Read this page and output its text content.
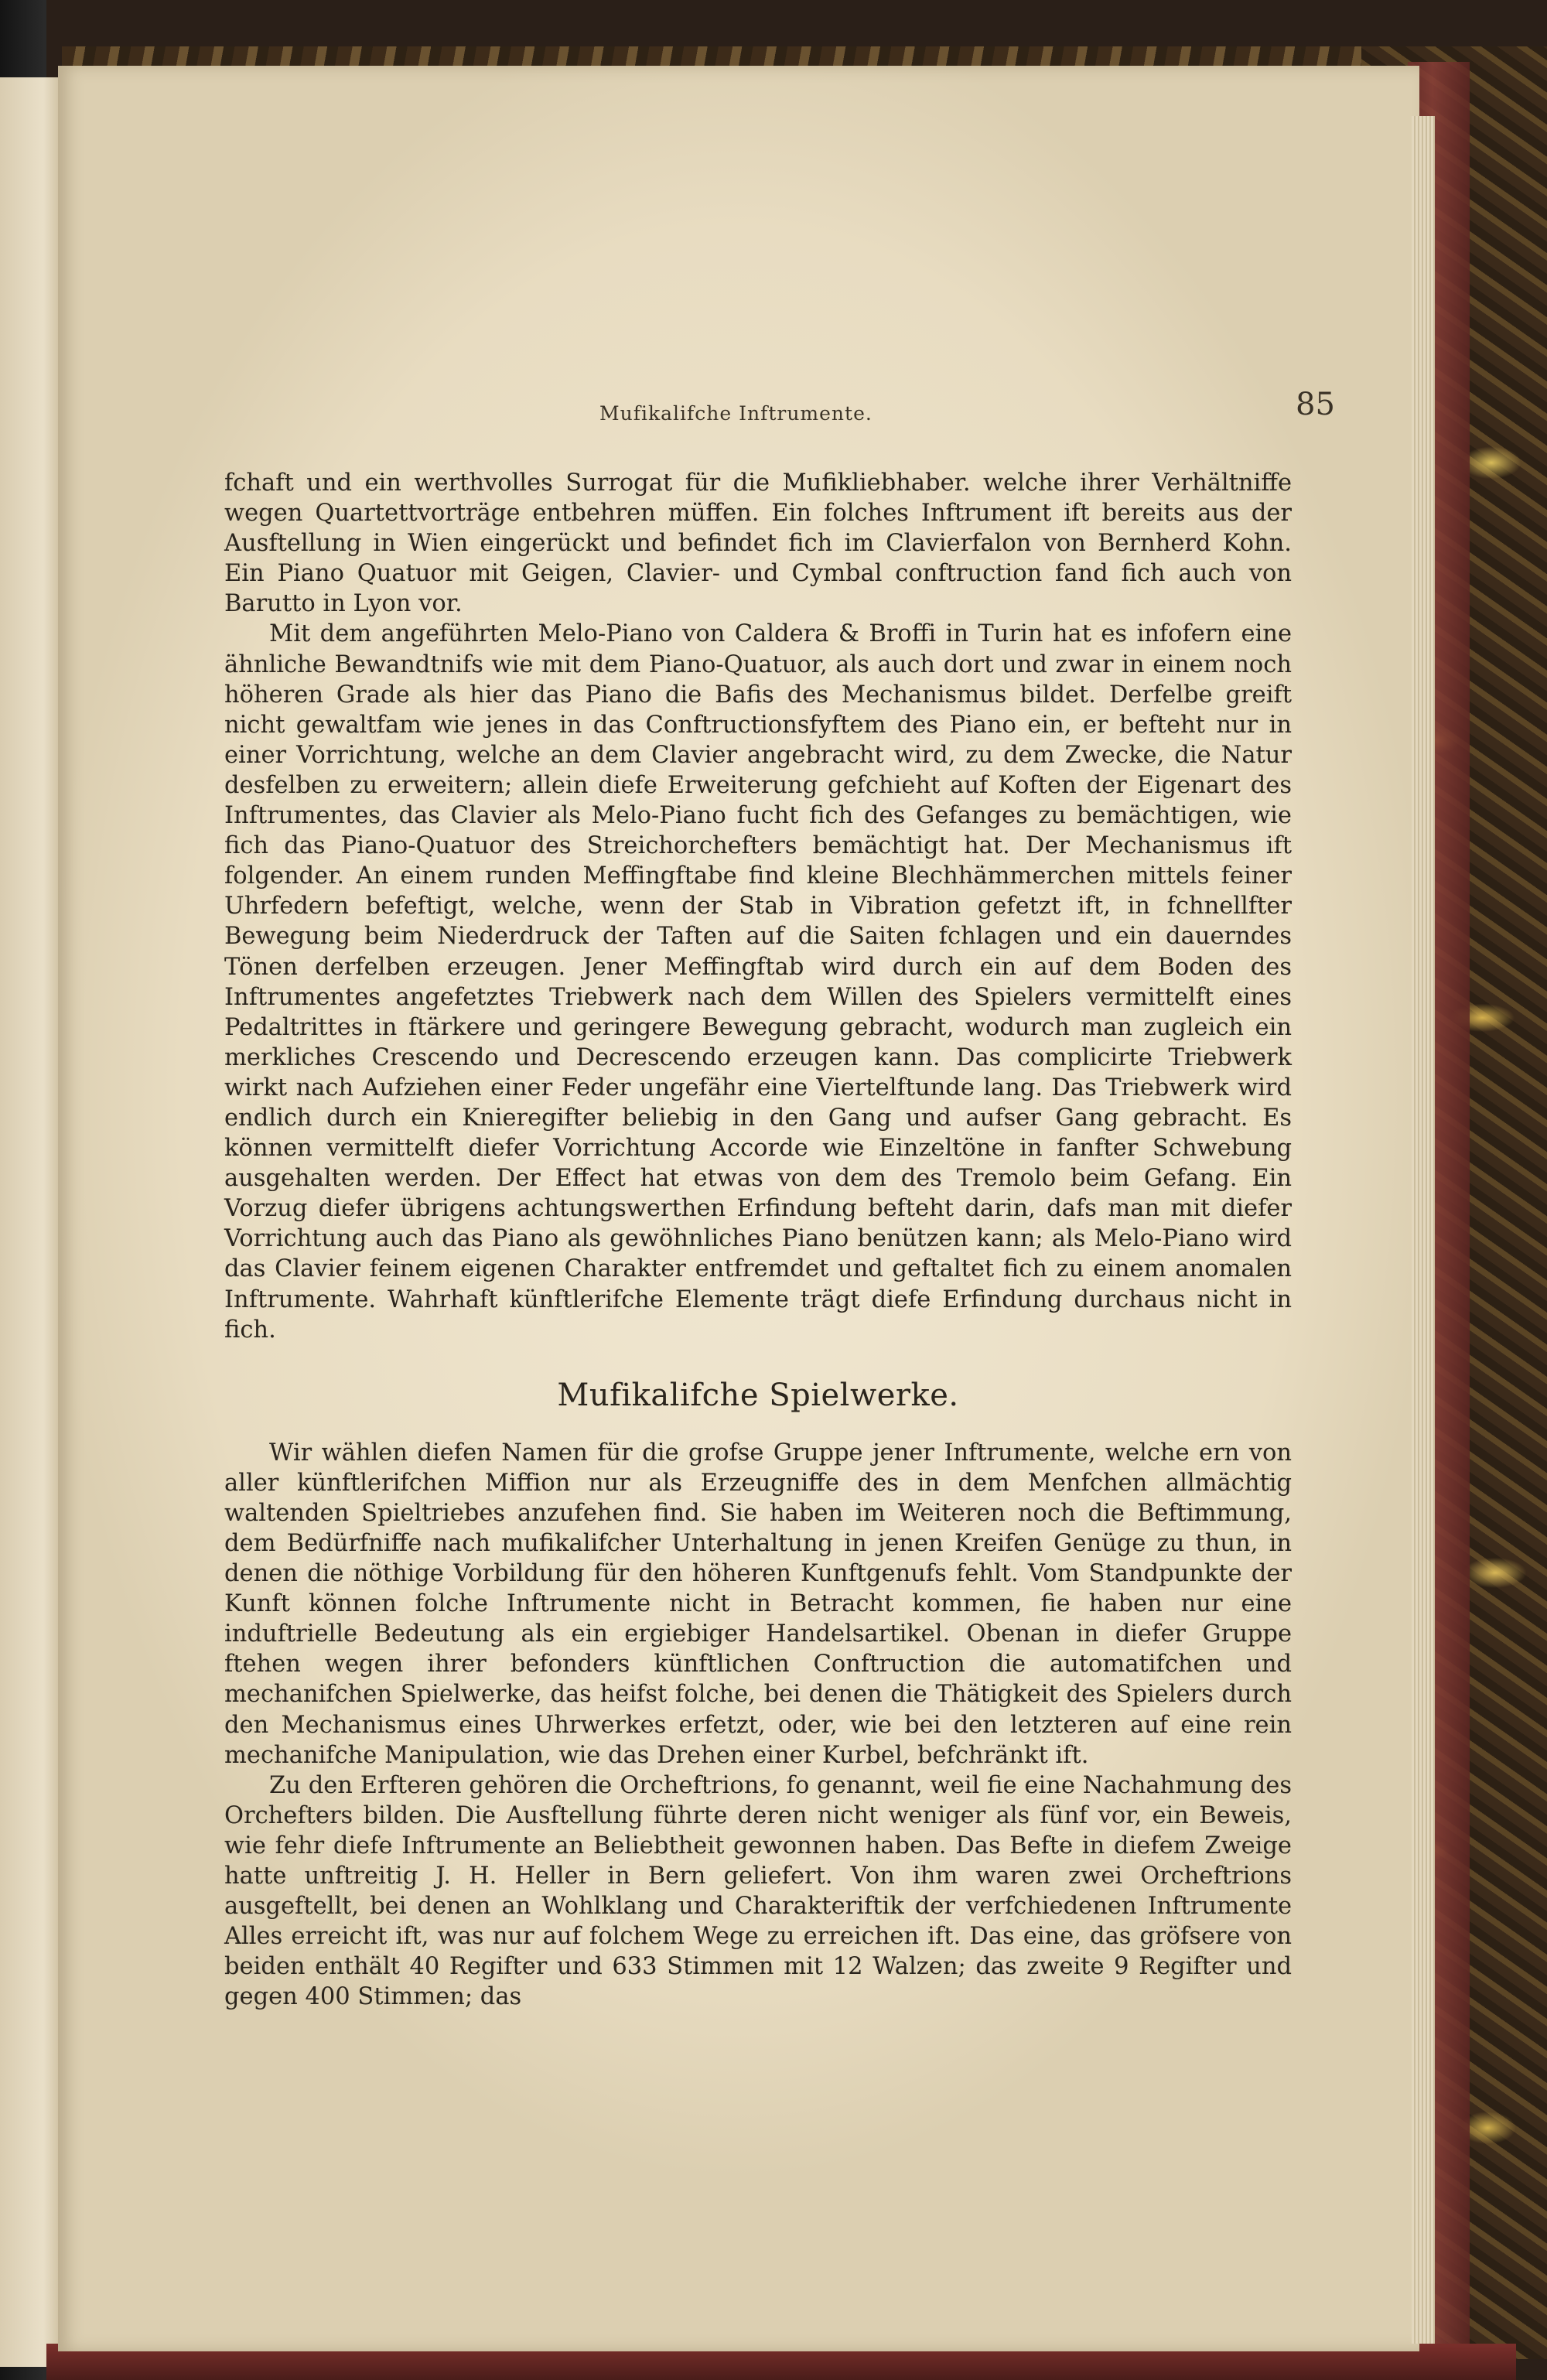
Mufikalifche Inftrumente.	85

fchaft und ein werthvolles Surrogat für die Mufikliebhaber. welche ihrer Verhältniffe wegen Quartettvorträge entbehren müffen. Ein folches Inftrument ift bereits aus der Ausftellung in Wien eingerückt und befindet fich im Clavierfalon von Bernherd Kohn. Ein Piano Quatuor mit Geigen, Clavier- und Cymbal conftruction fand fich auch von Barutto in Lyon vor.

Mit dem angeführten Melo-Piano von Caldera & Broffi in Turin hat es infofern eine ähnliche Bewandtnifs wie mit dem Piano-Quatuor, als auch dort und zwar in einem noch höheren Grade als hier das Piano die Bafis des Mechanismus bildet. Derfelbe greift nicht gewaltfam wie jenes in das Conftructionsfyftem des Piano ein, er befteht nur in einer Vorrichtung, welche an dem Clavier angebracht wird, zu dem Zwecke, die Natur desfelben zu erweitern; allein diefe Erweiterung gefchieht auf Koften der Eigenart des Inftrumentes, das Clavier als Melo-Piano fucht fich des Gefanges zu bemächtigen, wie fich das Piano-Quatuor des Streichorchefters bemächtigt hat. Der Mechanismus ift folgender. An einem runden Meffingftabe find kleine Blechhämmerchen mittels feiner Uhrfedern befeftigt, welche, wenn der Stab in Vibration gefetzt ift, in fchnellfter Bewegung beim Niederdruck der Taften auf die Saiten fchlagen und ein dauerndes Tönen derfelben erzeugen. Jener Meffingftab wird durch ein auf dem Boden des Inftrumentes angefetztes Triebwerk nach dem Willen des Spielers vermittelft eines Pedaltrittes in ftärkere und geringere Bewegung gebracht, wodurch man zugleich ein merkliches Crescendo und Decrescendo erzeugen kann. Das complicirte Triebwerk wirkt nach Aufziehen einer Feder ungefähr eine Viertelftunde lang. Das Triebwerk wird endlich durch ein Knieregifter beliebig in den Gang und aufser Gang gebracht. Es können vermittelft diefer Vorrichtung Accorde wie Einzeltöne in fanfter Schwebung ausgehalten werden. Der Effect hat etwas von dem des Tremolo beim Gefang. Ein Vorzug diefer übrigens achtungswerthen Erfindung befteht darin, dafs man mit diefer Vorrichtung auch das Piano als gewöhnliches Piano benützen kann; als Melo-Piano wird das Clavier feinem eigenen Charakter entfremdet und geftaltet fich zu einem anomalen Inftrumente. Wahrhaft künftlerifche Elemente trägt diefe Erfindung durchaus nicht in fich.

Mufikalifche Spielwerke.

Wir wählen diefen Namen für die grofse Gruppe jener Inftrumente, welche ern von aller künftlerifchen Miffion nur als Erzeugniffe des in dem Menfchen allmächtig waltenden Spieltriebes anzufehen find. Sie haben im Weiteren noch die Beftimmung, dem Bedürfniffe nach mufikalifcher Unterhaltung in jenen Kreifen Genüge zu thun, in denen die nöthige Vorbildung für den höheren Kunftgenufs fehlt. Vom Standpunkte der Kunft können folche Inftrumente nicht in Betracht kommen, fie haben nur eine induftrielle Bedeutung als ein ergiebiger Handelsartikel. Obenan in diefer Gruppe ftehen wegen ihrer befonders künftlichen Conftruction die automatifchen und mechanifchen Spielwerke, das heifst folche, bei denen die Thätigkeit des Spielers durch den Mechanismus eines Uhrwerkes erfetzt, oder, wie bei den letzteren auf eine rein mechanifche Manipulation, wie das Drehen einer Kurbel, befchränkt ift.

Zu den Erfteren gehören die Orcheftrions, fo genannt, weil fie eine Nachahmung des Orchefters bilden. Die Ausftellung führte deren nicht weniger als fünf vor, ein Beweis, wie fehr diefe Inftrumente an Beliebtheit gewonnen haben. Das Befte in diefem Zweige hatte unftreitig J. H. Heller in Bern geliefert. Von ihm waren zwei Orcheftrions ausgeftellt, bei denen an Wohlklang und Charakteriftik der verfchiedenen Inftrumente Alles erreicht ift, was nur auf folchem Wege zu erreichen ift. Das eine, das gröfsere von beiden enthält 40 Regifter und 633 Stimmen mit 12 Walzen; das zweite 9 Regifter und gegen 400 Stimmen; das
